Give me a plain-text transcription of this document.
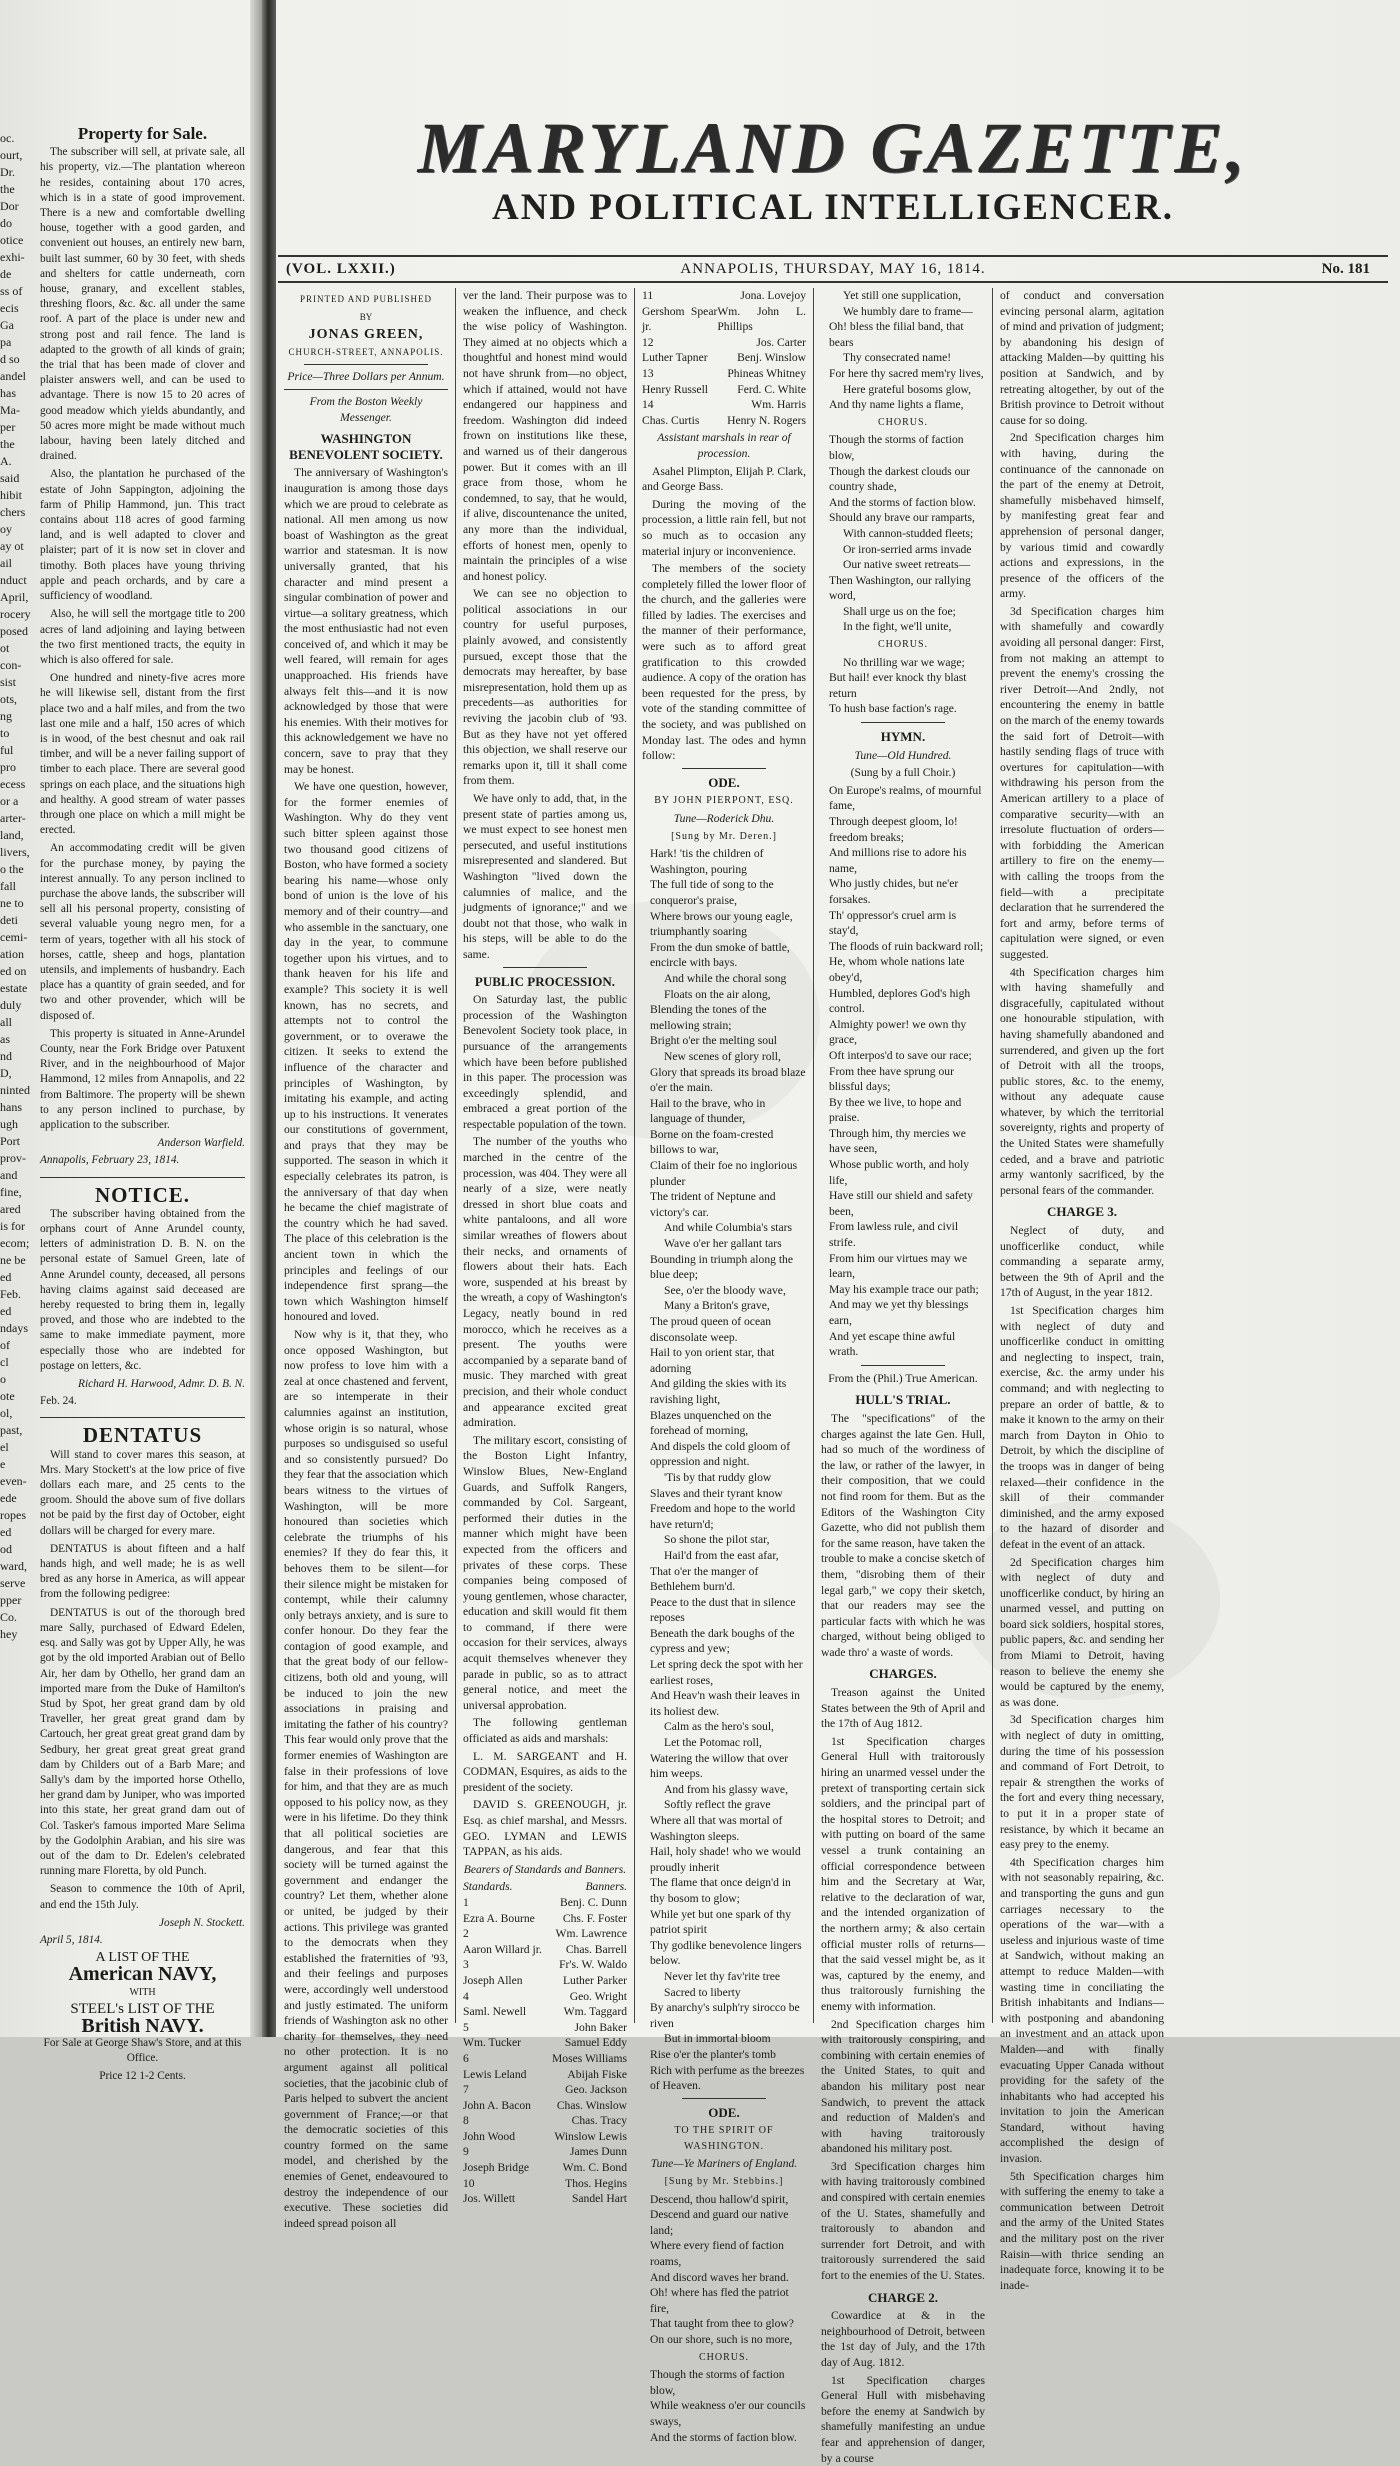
oc.
ourt,
Dr.
the
Dor
do
otice
exhi-
de
ss of
ecis
Ga
pa
d so
andel
has
Ma-
per
the
A.
said
hibit
chers
oy
ay ot
ail
nduct
April,
rocery
posed
ot
con-
sist
ots,
ng
to
ful
pro
ecess
or a
arter-
land,
livers,
o the
fall
ne to
deti
cemi-
ation
ed on
estate
duly
all
as
nd
D,
ninted
hans
ugh
Port
prov-
and
fine,
ared
is for
ecom;
ne be
ed
Feb.
ed
ndays
of
cl
o
ote
ol,
past,
el
e
even-
ede
ropes
ed
od
ward,
serve
pper
Co.
hey
Property for Sale.

The subscriber will sell, at private sale, all his property, viz.—The plantation whereon he resides, containing about 170 acres, which is in a state of good improvement. There is a new and comfortable dwelling house, together with a good garden, and convenient out houses, an entirely new barn, built last summer, 60 by 30 feet, with sheds and shelters for cattle underneath, corn house, granary, and excellent stables, threshing floors, &c. &c. all under the same roof. A part of the place is under new and strong post and rail fence. The land is adapted to the growth of all kinds of grain; the trial that has been made of clover and plaister answers well, and can be used to advantage. There is now 15 to 20 acres of good meadow which yields abundantly, and 50 acres more might be made without much labour, having been lately ditched and drained.

Also, the plantation he purchased of the estate of John Sappington, adjoining the farm of Philip Hammond, jun. This tract contains about 118 acres of good farming land, and is well adapted to clover and plaister; part of it is now set in clover and timothy. Both places have young thriving apple and peach orchards, and by care a sufficiency of woodland.

Also, he will sell the mortgage title to 200 acres of land adjoining and laying between the two first mentioned tracts, the equity in which is also offered for sale.

One hundred and ninety-five acres more he will likewise sell, distant from the first place two and a half miles, and from the two last one mile and a half, 150 acres of which is in wood, of the best chesnut and oak rail timber, and will be a never failing support of timber to each place. There are several good springs on each place, and the situations high and healthy. A good stream of water passes through one place on which a mill might be erected.

An accommodating credit will be given for the purchase money, by paying the interest annually. To any person inclined to purchase the above lands, the subscriber will sell all his personal property, consisting of several valuable young negro men, for a term of years, together with all his stock of horses, cattle, sheep and hogs, plantation utensils, and implements of husbandry. Each place has a quantity of grain seeded, and for two and other provender, which will be disposed of.

This property is situated in Anne-Arundel County, near the Fork Bridge over Patuxent River, and in the neighbourhood of Major Hammond, 12 miles from Annapolis, and 22 from Baltimore. The property will be shewn to any person inclined to purchase, by application to the subscriber.

Anderson Warfield.
Annapolis, February 23, 1814.
NOTICE.

The subscriber having obtained from the orphans court of Anne Arundel county, letters of administration D. B. N. on the personal estate of Samuel Green, late of Anne Arundel county, deceased, all persons having claims against said deceased are hereby requested to bring them in, legally proved, and those who are indebted to the same to make immediate payment, more especially those who are indebted for postage on letters, &c.

Richard H. Harwood, Admr. D. B. N.
Feb. 24.
DENTATUS

Will stand to cover mares this season, at Mrs. Mary Stockett's at the low price of five dollars each mare, and 25 cents to the groom. Should the above sum of five dollars not be paid by the first day of October, eight dollars will be charged for every mare.

DENTATUS is about fifteen and a half hands high, and well made; he is as well bred as any horse in America, as will appear from the following pedigree:

DENTATUS is out of the thorough bred mare Sally, purchased of Edward Edelen, esq. and Sally was got by Upper Ally, he was got by the old imported Arabian out of Bello Air, her dam by Othello, her grand dam an imported mare from the Duke of Hamilton's Stud by Spot, her great grand dam by old Traveller, her great great grand dam by Cartouch, her great great great grand dam by Sedbury, her great great great great grand dam by Childers out of a Barb Mare; and Sally's dam by the imported horse Othello, her grand dam by Juniper, who was imported into this state, her great grand dam out of Col. Tasker's famous imported Mare Selima by the Godolphin Arabian, and his sire was out of the dam to Dr. Edelen's celebrated running mare Floretta, by old Punch.

Season to commence the 10th of April, and end the 15th July.

Joseph N. Stockett.
April 5, 1814.
A LIST OF THE
American NAVY,
WITH
STEEL's LIST OF THE
British NAVY.
For Sale at George Shaw's Store, and at this Office.
Price 12 1-2 Cents.
MARYLAND GAZETTE,
AND POLITICAL INTELLIGENCER.
ANNAPOLIS, THURSDAY, MAY 16, 1814.
(VOL. LXXII.)	No. 181

PRINTED AND PUBLISHED

BY

JONAS GREEN,

CHURCH-STREET, ANNAPOLIS.

Price—Three Dollars per Annum.

From the Boston Weekly Messenger.

WASHINGTON BENEVOLENT SOCIETY.

The anniversary of Washington's inauguration is among those days which we are proud to celebrate as national. All men among us now boast of Washington as the great warrior and statesman. It is now universally granted, that his character and mind present a singular combination of power and virtue—a solitary greatness, which the most enthusiastic had not even conceived of, and which it may be well feared, will remain for ages unapproached. His friends have always felt this—and it is now acknowledged by those that were his enemies. With their motives for this acknowledgement we have no concern, save to pray that they may be honest.

We have one question, however, for the former enemies of Washington. Why do they vent such bitter spleen against those two thousand good citizens of Boston, who have formed a society bearing his name—whose only bond of union is the love of his memory and of their country—and who assemble in the sanctuary, one day in the year, to commune together upon his virtues, and to thank heaven for his life and example? This society it is well known, has no secrets, and attempts not to control the government, or to overawe the citizen. It seeks to extend the influence of the character and principles of Washington, by imitating his example, and acting up to his instructions. It venerates our constitutions of government, and prays that they may be supported. The season in which it especially celebrates its patron, is the anniversary of that day when he became the chief magistrate of the country which he had saved. The place of this celebration is the ancient town in which the principles and feelings of our independence first sprang—the town which Washington himself honoured and loved.

Now why is it, that they, who once opposed Washington, but now profess to love him with a zeal at once chastened and fervent, are so intemperate in their calumnies against an institution, whose origin is so natural, whose purposes so undisguised so useful and so consistently pursued? Do they fear that the association which bears witness to the virtues of Washington, will be more honoured than societies which celebrate the triumphs of his enemies? If they do fear this, it behoves them to be silent—for their silence might be mistaken for contempt, while their calumny only betrays anxiety, and is sure to confer honour. Do they fear the contagion of good example, and that the great body of our fellow-citizens, both old and young, will be induced to join the new associations in praising and imitating the father of his country? This fear would only prove that the former enemies of Washington are false in their professions of love for him, and that they are as much opposed to his policy now, as they were in his lifetime. Do they think that all political societies are dangerous, and fear that this society will be turned against the government and endanger the country? Let them, whether alone or united, be judged by their actions. This privilege was granted to the democrats when they established the fraternities of '93, and their feelings and purposes were, accordingly well understood and justly estimated. The uniform friends of Washington ask no other charity for themselves, they need no other protection. It is no argument against all political societies, that the jacobinic club of Paris helped to subvert the ancient government of France;—or that the democratic societies of this country formed on the same model, and cherished by the enemies of Genet, endeavoured to destroy the independence of our executive. These societies did indeed spread poison all

ver the land. Their purpose was to weaken the influence, and check the wise policy of Washington. They aimed at no objects which a thoughtful and honest mind would not have shrunk from—no object, which if attained, would not have endangered our happiness and freedom. Washington did indeed frown on institutions like these, and warned us of their dangerous power. But it comes with an ill grace from those, whom he condemned, to say, that he would, if alive, discountenance the united, any more than the individual, efforts of honest men, openly to maintain the principles of a wise and honest policy.

We can see no objection to political associations in our country for useful purposes, plainly avowed, and consistently pursued, except those that the democrats may hereafter, by base misrepresentation, hold them up as precedents—as authorities for reviving the jacobin club of '93. But as they have not yet offered this objection, we shall reserve our remarks upon it, till it shall come from them.

We have only to add, that, in the present state of parties among us, we must expect to see honest men persecuted, and useful institutions misrepresented and slandered. But Washington "lived down the calumnies of malice, and the judgments of ignorance;" and we doubt not that those, who walk in his steps, will be able to do the same.

PUBLIC PROCESSION.

On Saturday last, the public procession of the Washington Benevolent Society took place, in pursuance of the arrangements which have been before published in this paper. The procession was exceedingly splendid, and embraced a great portion of the respectable population of the town.

The number of the youths who marched in the centre of the procession, was 404. They were all nearly of a size, were neatly dressed in short blue coats and white pantaloons, and all wore similar wreathes of flowers about their necks, and ornaments of flowers about their hats. Each wore, suspended at his breast by the wreath, a copy of Washington's Legacy, neatly bound in red morocco, which he receives as a present. The youths were accompanied by a separate band of music. They marched with great precision, and their whole conduct and appearance excited great admiration.

The military escort, consisting of the Boston Light Infantry, Winslow Blues, New-England Guards, and Suffolk Rangers, commanded by Col. Sargeant, performed their duties in the manner which might have been expected from the officers and privates of these corps. These companies being composed of young gentlemen, whose character, education and skill would fit them to command, if there were occasion for their services, always acquit themselves whenever they parade in public, so as to attract general notice, and meet the universal approbation.

The following gentleman officiated as aids and marshals:

L. M. SARGEANT and H. CODMAN, Esquires, as aids to the president of the society.

DAVID S. GREENOUGH, jr. Esq. as chief marshal, and Messrs. GEO. LYMAN and LEWIS TAPPAN, as his aids.

Bearers of Standards and Banners.

Standards.	Banners.
1	Benj. C. Dunn
Ezra A. Bourne Chs. F. Foster
2	Wm. Lawrence
Aaron Willard jr. Chas. Barrell
3	Fr's. W. Waldo
Joseph Allen	Luther Parker
4	Geo. Wright
Saml. Newell	Wm. Taggard
5	John Baker
Wm. Tucker	Samuel Eddy
6	Moses Williams
Lewis Leland	Abijah Fiske
7	Geo. Jackson
John A. Bacon Chas. Winslow
8	Chas. Tracy
John Wood	Winslow Lewis
9	James Dunn
Joseph Bridge	Wm. C. Bond
10	Thos. Hegins
Jos. Willett	Sandel Hart
11	Jona. Lovejoy
Gershom Spear jr.
Wm. John L. Phillips
12	Jos. Carter
Luther Tapner	Benj. Winslow
13	Phineas Whitney
Henry Russell	Ferd. C. White
14	Wm. Harris
Chas. Curtis Henry N. Rogers

Assistant marshals in rear of procession.

Asahel Plimpton, Elijah P. Clark, and George Bass.

During the moving of the procession, a little rain fell, but not so much as to occasion any material injury or inconvenience.

The members of the society completely filled the lower floor of the church, and the galleries were filled by ladies. The exercises and the manner of their performance, were such as to afford great gratification to this crowded audience. A copy of the oration has been requested for the press, by vote of the standing committee of the society, and was published on Monday last. The odes and hymn follow:

ODE.

BY JOHN PIERPONT, ESQ.

Tune—Roderick Dhu.

[Sung by Mr. Deren.]

Hark! 'tis the children of Washington, pouring

The full tide of song to the conqueror's praise,

Where brows our young eagle, triumphantly soaring

From the dun smoke of battle, encircle with bays.

And while the choral song

Floats on the air along,

Blending the tones of the mellowing strain;

Bright o'er the melting soul

New scenes of glory roll,

Glory that spreads its broad blaze o'er the main.

Hail to the brave, who in language of thunder,

Borne on the foam-crested billows to war,

Claim of their foe no inglorious plunder

The trident of Neptune and victory's car.

And while Columbia's stars

Wave o'er her gallant tars

Bounding in triumph along the blue deep;

See, o'er the bloody wave,

Many a Briton's grave,

The proud queen of ocean disconsolate weep.

Hail to yon orient star, that adorning

And gilding the skies with its ravishing light,

Blazes unquenched on the forehead of morning,

And dispels the cold gloom of oppression and night.

'Tis by that ruddy glow

Slaves and their tyrant know

Freedom and hope to the world have return'd;

So shone the pilot star,

Hail'd from the east afar,

That o'er the manger of Bethlehem burn'd.

Peace to the dust that in silence reposes

Beneath the dark boughs of the cypress and yew;

Let spring deck the spot with her earliest roses,

And Heav'n wash their leaves in its holiest dew.

Calm as the hero's soul,

Let the Potomac roll,

Watering the willow that over him weeps.

And from his glassy wave,

Softly reflect the grave

Where all that was mortal of Washington sleeps.

Hail, holy shade! who we would proudly inherit

The flame that once deign'd in thy bosom to glow;

While yet but one spark of thy patriot spirit

Thy godlike benevolence lingers below.

Never let thy fav'rite tree

Sacred to liberty

By anarchy's sulph'ry sirocco be riven

But in immortal bloom

Rise o'er the planter's tomb

Rich with perfume as the breezes of Heaven.

ODE.

TO THE SPIRIT OF WASHINGTON.

Tune—Ye Mariners of England.

[Sung by Mr. Stebbins.]

Descend, thou hallow'd spirit,

Descend and guard our native land;

Where every fiend of faction roams,

And discord waves her brand.

Oh! where has fled the patriot fire,

That taught from thee to glow?

On our shore, such is no more,

CHORUS.

Though the storms of faction blow,

While weakness o'er our councils sways,

And the storms of faction blow.

Yet still one supplication,

We humbly dare to frame—

Oh! bless the filial band, that bears

Thy consecrated name!

For here thy sacred mem'ry lives,

Here grateful bosoms glow,

And thy name lights a flame,

CHORUS.

Though the storms of faction blow,

Though the darkest clouds our country shade,

And the storms of faction blow.

Should any brave our ramparts,

With cannon-studded fleets;

Or iron-serried arms invade

Our native sweet retreats—

Then Washington, our rallying word,

Shall urge us on the foe;

In the fight, we'll unite,

CHORUS.

No thrilling war we wage;

But hail! ever knock thy blast return

To hush base faction's rage.

HYMN.

Tune—Old Hundred.

(Sung by a full Choir.)

On Europe's realms, of mournful fame,

Through deepest gloom, lo! freedom breaks;

And millions rise to adore his name,

Who justly chides, but ne'er forsakes.

Th' oppressor's cruel arm is stay'd,

The floods of ruin backward roll;

He, whom whole nations late obey'd,

Humbled, deplores God's high control.

Almighty power! we own thy grace,

Oft interpos'd to save our race;

From thee have sprung our blissful days;

By thee we live, to hope and praise.

Through him, thy mercies we have seen,

Whose public worth, and holy life,

Have still our shield and safety been,

From lawless rule, and civil strife.

From him our virtues may we learn,

May his example trace our path;

And may we yet thy blessings earn,

And yet escape thine awful wrath.

From the (Phil.) True American.

HULL'S TRIAL.

The "specifications" of the charges against the late Gen. Hull, had so much of the wordiness of the law, or rather of the lawyer, in their composition, that we could not find room for them. But as the Editors of the Washington City Gazette, who did not publish them for the same reason, have taken the trouble to make a concise sketch of them, "disrobing them of their legal garb," we copy their sketch, that our readers may see the particular facts with which he was charged, without being obliged to wade thro' a waste of words.

CHARGES.

Treason against the United States between the 9th of April and the 17th of Aug 1812.

1st Specification charges General Hull with traitorously hiring an unarmed vessel under the pretext of transporting certain sick soldiers, and the principal part of the hospital stores to Detroit; and with putting on board of the same vessel a trunk containing an official correspondence between him and the Secretary at War, relative to the declaration of war, and the intended organization of the northern army; & also certain official muster rolls of returns—that the said vessel might be, as it was, captured by the enemy, and thus traitorously furnishing the enemy with information.

2nd Specification charges him with traitorously conspiring, and combining with certain enemies of the United States, to quit and abandon his military post near Sandwich, to prevent the attack and reduction of Malden's and with having traitorously abandoned his military post.

3rd Specification charges him with having traitorously combined and conspired with certain enemies of the U. States, shamefully and traitorously to abandon and surrender fort Detroit, and with traitorously surrendered the said fort to the enemies of the U. States.

CHARGE 2.

Cowardice at & in the neighbourhood of Detroit, between the 1st day of July, and the 17th day of Aug. 1812.

1st Specification charges General Hull with misbehaving before the enemy at Sandwich by shamefully manifesting an undue fear and apprehension of danger, by a course

of conduct and conversation evincing personal alarm, agitation of mind and privation of judgment; by abandoning his design of attacking Malden—by quitting his position at Sandwich, and by retreating altogether, by out of the British province to Detroit without cause for so doing.

2nd Specification charges him with having, during the continuance of the cannonade on the part of the enemy at Detroit, shamefully misbehaved himself, by manifesting great fear and apprehension of personal danger, by various timid and cowardly actions and expressions, in the presence of the officers of the army.

3d Specification charges him with shamefully and cowardly avoiding all personal danger: First, from not making an attempt to prevent the enemy's crossing the river Detroit—And 2ndly, not encountering the enemy in battle on the march of the enemy towards the said fort of Detroit—with hastily sending flags of truce with overtures for capitulation—with withdrawing his person from the American artillery to a place of comparative security—with an irresolute fluctuation of orders—with forbidding the American artillery to fire on the enemy—with calling the troops from the field—with a precipitate declaration that he surrendered the fort and army, before terms of capitulation were signed, or even suggested.

4th Specification charges him with having shamefully and disgracefully, capitulated without one honourable stipulation, with having shamefully abandoned and surrendered, and given up the fort of Detroit with all the troops, public stores, &c. to the enemy, without any adequate cause whatever, by which the territorial sovereignty, rights and property of the United States were shamefully ceded, and a brave and patriotic army wantonly sacrificed, by the personal fears of the commander.

CHARGE 3.

Neglect of duty, and unofficerlike conduct, while commanding a separate army, between the 9th of April and the 17th of August, in the year 1812.

1st Specification charges him with neglect of duty and unofficerlike conduct in omitting and neglecting to inspect, train, exercise, &c. the army under his command; and with neglecting to prepare an order of battle, & to make it known to the army on their march from Dayton in Ohio to Detroit, by which the discipline of the troops was in danger of being relaxed—their confidence in the skill of their commander diminished, and the army exposed to the hazard of disorder and defeat in the event of an attack.

2d Specification charges him with neglect of duty and unofficerlike conduct, by hiring an unarmed vessel, and putting on board sick soldiers, hospital stores, public papers, &c. and sending her from Miami to Detroit, having reason to believe the enemy she would be captured by the enemy, as was done.

3d Specification charges him with neglect of duty in omitting, during the time of his possession and command of Fort Detroit, to repair & strengthen the works of the fort and every thing necessary, to put it in a proper state of resistance, by which it became an easy prey to the enemy.

4th Specification charges him with not seasonably repairing, &c. and transporting the guns and gun carriages necessary to the operations of the war—with a useless and injurious waste of time at Sandwich, without making an attempt to reduce Malden—with wasting time in conciliating the British inhabitants and Indians—with postponing and abandoning an investment and an attack upon Malden—and with finally evacuating Upper Canada without providing for the safety of the inhabitants who had accepted his invitation to join the American Standard, without having accomplished the design of invasion.

5th Specification charges him with suffering the enemy to take a communication between Detroit and the army of the United States and the military post on the river Raisin—with thrice sending an inadequate force, knowing it to be inade-
